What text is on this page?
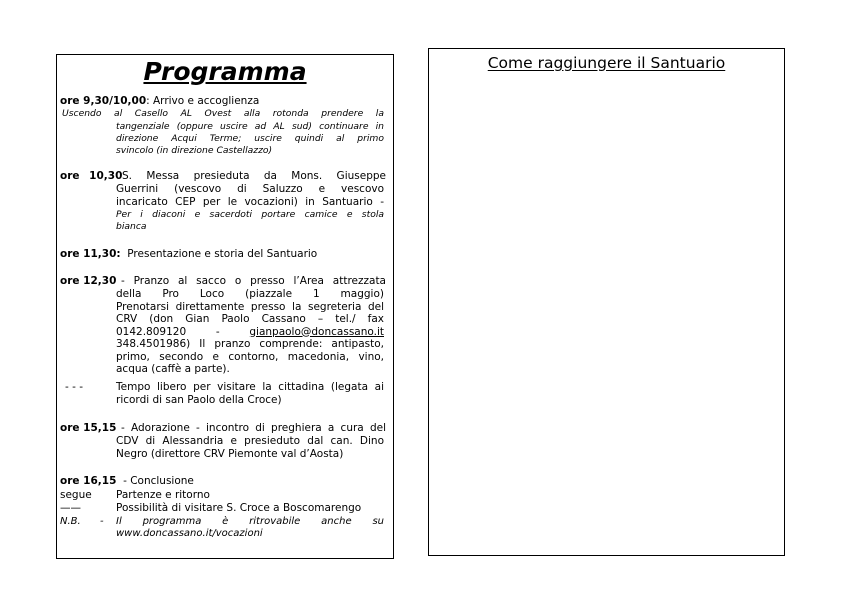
Programma
ore 9,30/10,00: Arrivo e accoglienza
Uscendo al Casello AL Ovest alla rotonda prendere la
tangenziale (oppure uscire ad AL sud) continuare in
direzione Acqui Terme; uscire quindi al primo
svincolo (in direzione Castellazzo)
ore 10,30S. Messa presieduta da Mons. Giuseppe
Guerrini (vescovo di Saluzzo e vescovo
incaricato CEP per le vocazioni) in Santuario -
Per i diaconi e sacerdoti portare camice e stola
bianca
ore 11,30: Presentazione e storia del Santuario
ore 12,30 - Pranzo al sacco o presso l’Area attrezzata
della Pro Loco (piazzale 1 maggio)
Prenotarsi direttamente presso la segreteria del
CRV (don Gian Paolo Cassano – tel./ fax
0142.809120	-	gianpaolo@doncassano.it
348.4501986) Il pranzo comprende: antipasto,
primo, secondo e contorno, macedonia, vino,
acqua (caffè a parte).
- - -	Tempo libero per visitare la cittadina (legata ai
ricordi di san Paolo della Croce)
ore 15,15 - Adorazione - incontro di preghiera a cura del
CDV di Alessandria e presieduto dal can. Dino
Negro (direttore CRV Piemonte val d’Aosta)
ore 16,15 - Conclusione
segue	Partenze e ritorno
——	Possibilità di visitare S. Croce a Boscomarengo
N.B. - Il programma è ritrovabile anche su
www.doncassano.it/vocazioni
Come raggiungere il Santuario
